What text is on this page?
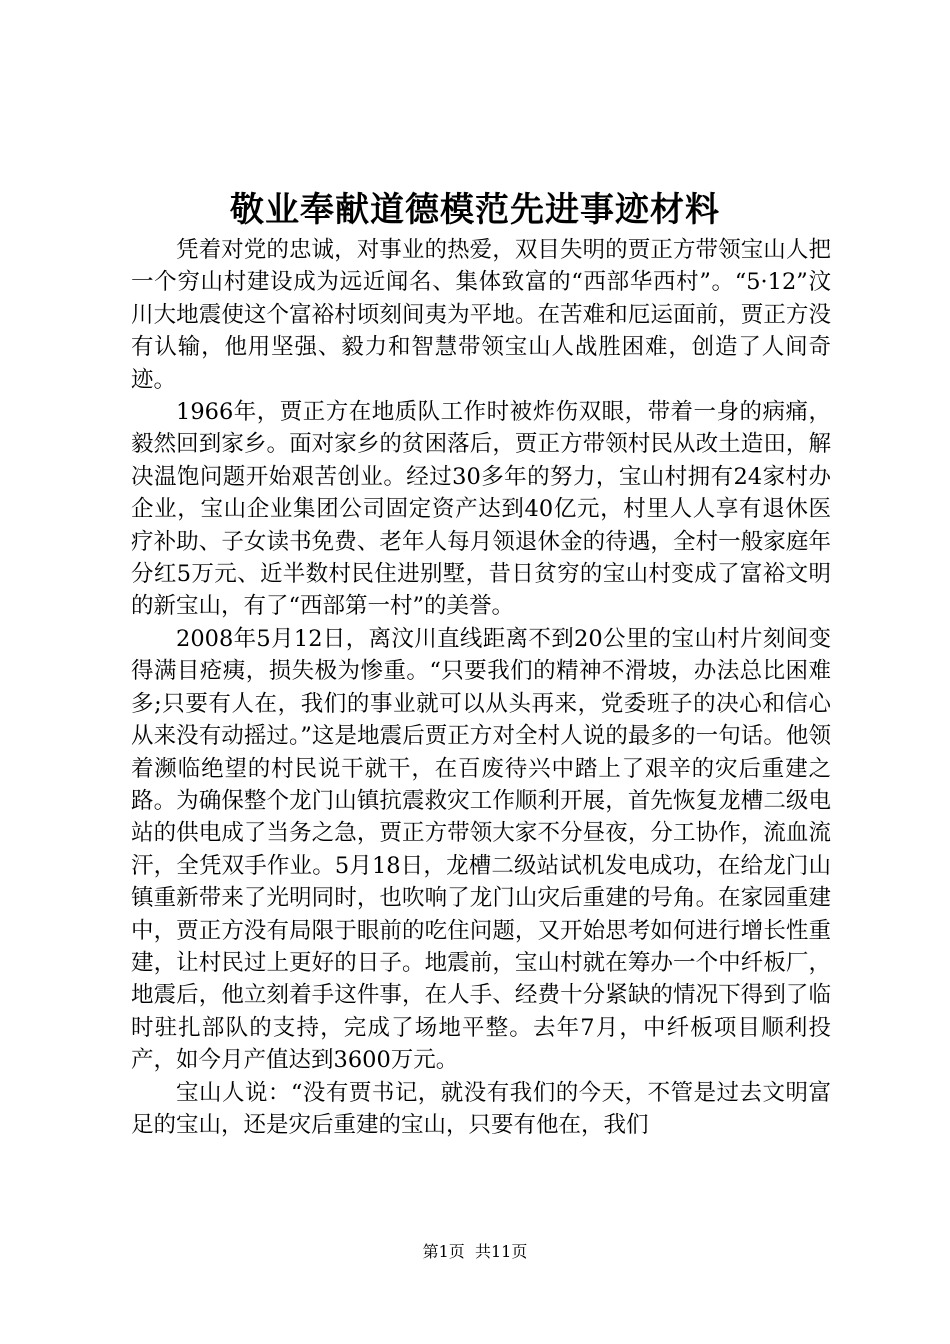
敬业奉献道德模范先进事迹材料

凭着对党的忠诚，对事业的热爱，双目失明的贾正方带领宝山人把一个穷山村建设成为远近闻名、集体致富的“西部华西村”。“5·12”汶川大地震使这个富裕村顷刻间夷为平地。在苦难和厄运面前，贾正方没有认输，他用坚强、毅力和智慧带领宝山人战胜困难，创造了人间奇迹。

1966年，贾正方在地质队工作时被炸伤双眼，带着一身的病痛，毅然回到家乡。面对家乡的贫困落后，贾正方带领村民从改土造田，解决温饱问题开始艰苦创业。经过30多年的努力，宝山村拥有24家村办企业，宝山企业集团公司固定资产达到40亿元，村里人人享有退休医疗补助、子女读书免费、老年人每月领退休金的待遇，全村一般家庭年分红5万元、近半数村民住进别墅，昔日贫穷的宝山村变成了富裕文明的新宝山，有了“西部第一村”的美誉。

2008年5月12日，离汶川直线距离不到20公里的宝山村片刻间变得满目疮痍，损失极为惨重。“只要我们的精神不滑坡，办法总比困难多;只要有人在，我们的事业就可以从头再来，党委班子的决心和信心从来没有动摇过。”这是地震后贾正方对全村人说的最多的一句话。他领着濒临绝望的村民说干就干，在百废待兴中踏上了艰辛的灾后重建之路。为确保整个龙门山镇抗震救灾工作顺利开展，首先恢复龙槽二级电站的供电成了当务之急，贾正方带领大家不分昼夜，分工协作，流血流汗，全凭双手作业。5月18日，龙槽二级站试机发电成功，在给龙门山镇重新带来了光明同时，也吹响了龙门山灾后重建的号角。在家园重建中，贾正方没有局限于眼前的吃住问题，又开始思考如何进行增长性重建，让村民过上更好的日子。地震前，宝山村就在筹办一个中纤板厂，地震后，他立刻着手这件事，在人手、经费十分紧缺的情况下得到了临时驻扎部队的支持，完成了场地平整。去年7月，中纤板项目顺利投产，如今月产值达到3600万元。

宝山人说：“没有贾书记，就没有我们的今天，不管是过去文明富足的宝山，还是灾后重建的宝山，只要有他在，我们

第1页 共11页
